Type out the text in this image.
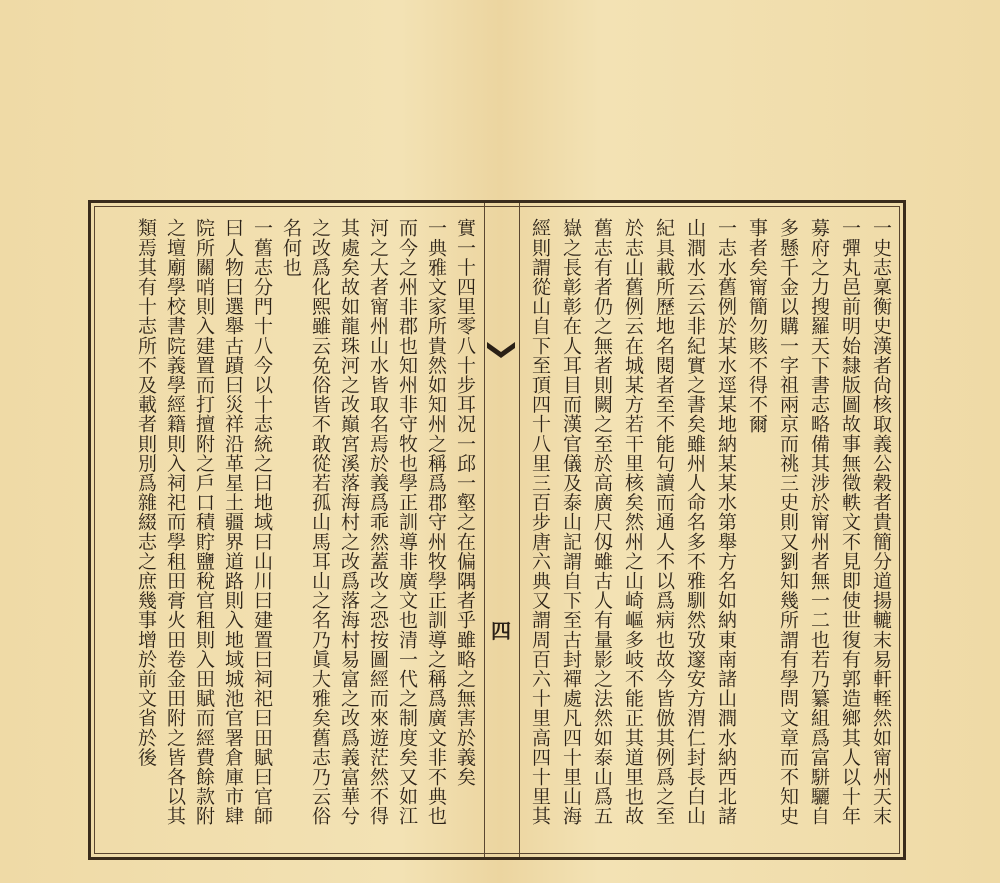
四	一史志稟衡史漢者尙核取義公穀者貴簡分道揚轆末易軒輊然如甯州天末
一彈丸邑前明始隸版圖故事無徵軼文不見即使世復有郭造鄉其人以十年
募府之力搜羅天下書志略備其涉於甯州者無一二也若乃纂組爲富駢驪自
多懸千金以購一字祖兩京而祧三史則又劉知幾所謂有學問文章而不知史
事者矣甯簡勿賅不得不爾
一志水舊例於某水逕某地納某某水第舉方名如納東南諸山澗水納西北諸
山澗水云云非紀實之書矣雖州人命名多不雅馴然攷邃安方渭仁封長白山
紀具載所歷地名閱者至不能句讀而通人不以爲病也故今皆倣其例爲之至
於志山舊例云在城某方若干里核矣然州之山崎嶇多岐不能正其道里也故
舊志有者仍之無者則闕之至於高廣尺仭雖古人有量影之法然如泰山爲五
嶽之長彰彰在人耳目而漢官儀及泰山記謂自下至古封禪處凡四十里山海
經則謂從山自下至頂四十八里三百步唐六典又謂周百六十里高四十里其
實一十四里零八十步耳况一邱一壑之在偏隅者乎雖略之無害於義矣
一典雅文家所貴然如知州之稱爲郡守州牧學正訓導之稱爲廣文非不典也
而今之州非郡也知州非守牧也學正訓導非廣文也清一代之制度矣又如江
河之大者甯州山水皆取名焉於義爲乖然蓋改之恐按圖經而來遊茫然不得
其處矣故如龍珠河之改巔宮溪落海村之改爲落海村易富之改爲義富華兮
之改爲化熙雖云免俗皆不敢從若孤山馬耳山之名乃眞大雅矣舊志乃云俗
名何也
一舊志分門十八今以十志統之曰地域曰山川曰建置曰祠祀曰田賦曰官師
曰人物曰選舉古蹟曰災祥沿革星土疆界道路則入地域城池官署倉庫市肆
院所關哨則入建置而打擅附之戶口積貯鹽稅官租則入田賦而經費餘款附
之壇廟學校書院義學經籍則入祠祀而學租田膏火田卷金田附之皆各以其
類焉其有十志所不及載者則別爲雜綴志之庶幾事增於前文省於後
